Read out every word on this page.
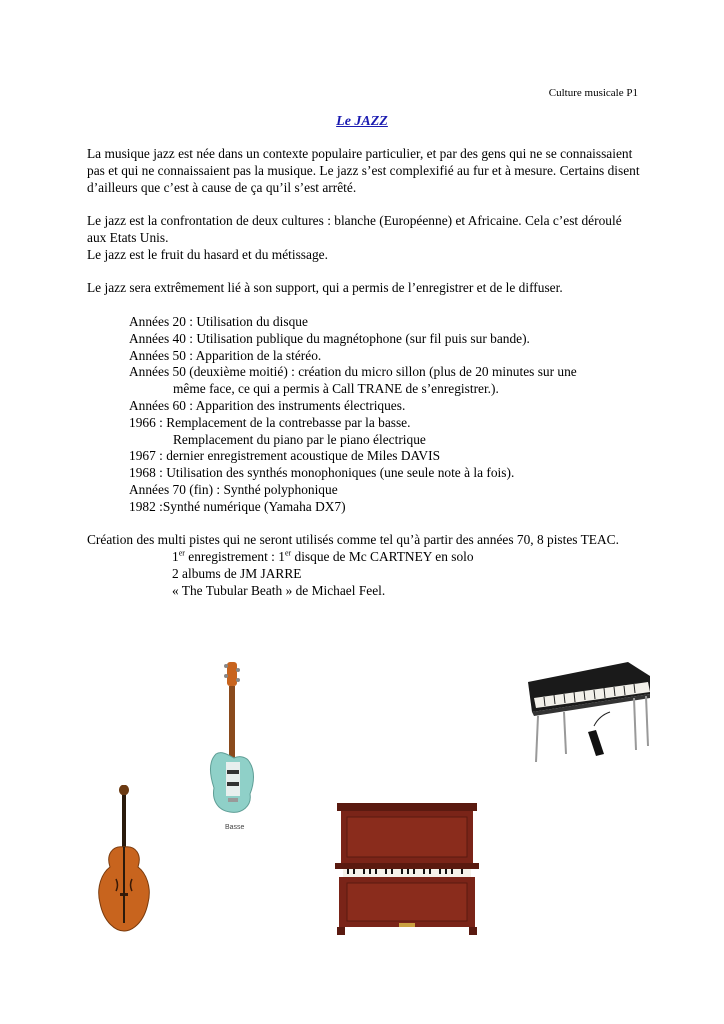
Culture musicale P1
Le JAZZ

La musique jazz est née dans un contexte populaire particulier, et par des gens qui ne se connaissaient pas et qui ne connaissaient pas la musique. Le jazz s’est complexifié au fur et à mesure. Certains disent d’ailleurs que c’est à cause de ça qu’il s’est arrêté.

Le jazz est la confrontation de deux cultures : blanche (Européenne) et Africaine. Cela c’est déroulé aux Etats Unis.

Le jazz est le fruit du hasard et du métissage.

Le jazz sera extrêmement lié à son support, qui a permis de l’enregistrer et de le diffuser.

Années 20 : Utilisation du disque
Années 40 : Utilisation publique du magnétophone (sur fil puis sur bande).
Années 50 : Apparition de la stéréo.
Années 50 (deuxième moitié) : création du micro sillon (plus de 20 minutes sur une
même face, ce qui a permis à Call TRANE de s’enregistrer.).
Années 60 : Apparition des instruments électriques.
1966 : Remplacement de la contrebasse par la basse.
Remplacement du piano par le piano électrique
1967 : dernier enregistrement acoustique de Miles DAVIS
1968 : Utilisation des synthés monophoniques (une seule note à la fois).
Années 70 (fin) : Synthé polyphonique
1982 :Synthé numérique (Yamaha DX7)

Création des multi pistes qui ne seront utilisés comme tel qu’à partir des années 70, 8 pistes TEAC.

1er enregistrement : 1er disque de Mc CARTNEY en solo
2 albums de JM JARRE
« The Tubular Beath » de Michael Feel.
Basse
